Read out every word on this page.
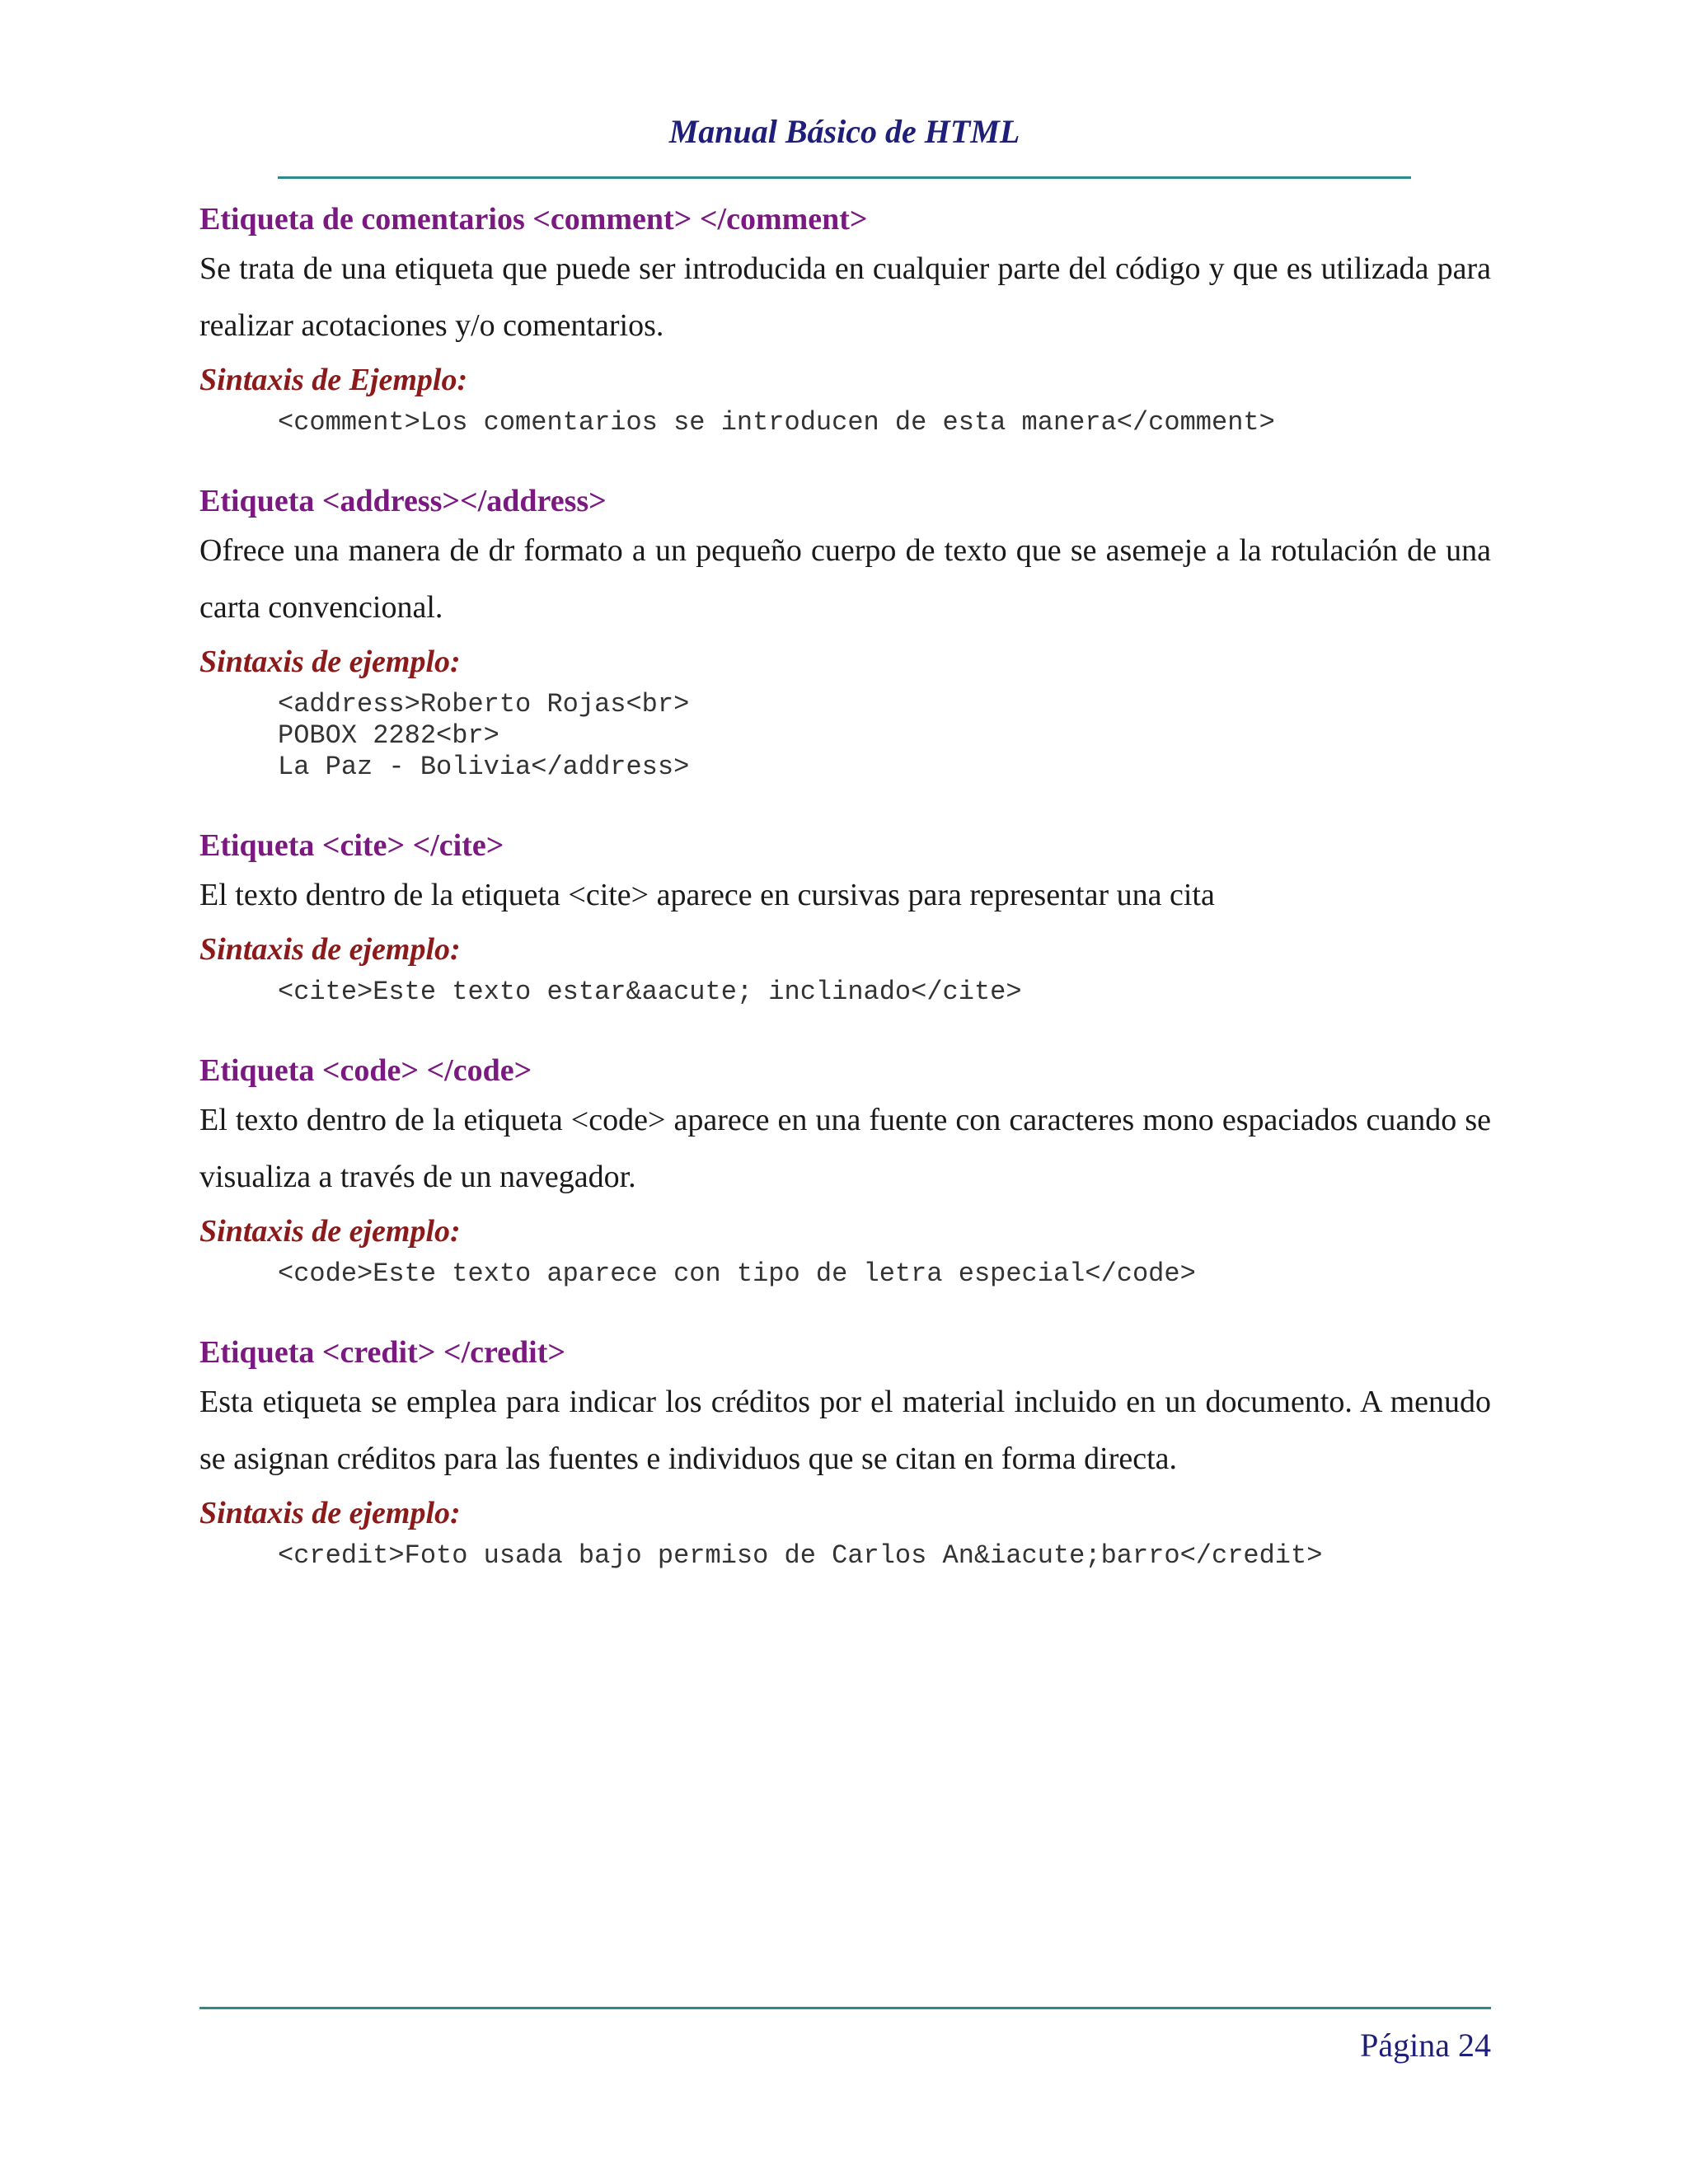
Manual Básico de HTML
Etiqueta de comentarios <comment> </comment>

Se trata de una etiqueta que puede ser introducida en cualquier parte del código y que es utilizada para realizar acotaciones y/o comentarios.

Sintaxis de Ejemplo:
<comment>Los comentarios se introducen de esta manera</comment>
Etiqueta <address></address>

Ofrece una manera de dr formato a un pequeño cuerpo de texto que se asemeje a la rotulación de una carta convencional.

Sintaxis de ejemplo:
<address>Roberto Rojas<br>
POBOX 2282<br>
La Paz - Bolivia</address>
Etiqueta <cite> </cite>

El texto dentro de la etiqueta <cite> aparece en cursivas para representar una cita

Sintaxis de ejemplo:
<cite>Este texto estar&aacute; inclinado</cite>
Etiqueta <code> </code>

El texto dentro de la etiqueta <code> aparece en una fuente con caracteres mono espaciados cuando se visualiza a través de un navegador.

Sintaxis de ejemplo:
<code>Este texto aparece con tipo de letra especial</code>
Etiqueta <credit> </credit>

Esta etiqueta se emplea para indicar los créditos por el material incluido en un documento. A menudo se asignan créditos para las fuentes e individuos que se citan en forma directa.

Sintaxis de ejemplo:
<credit>Foto usada bajo permiso de Carlos An&iacute;barro</credit>
Página 24
